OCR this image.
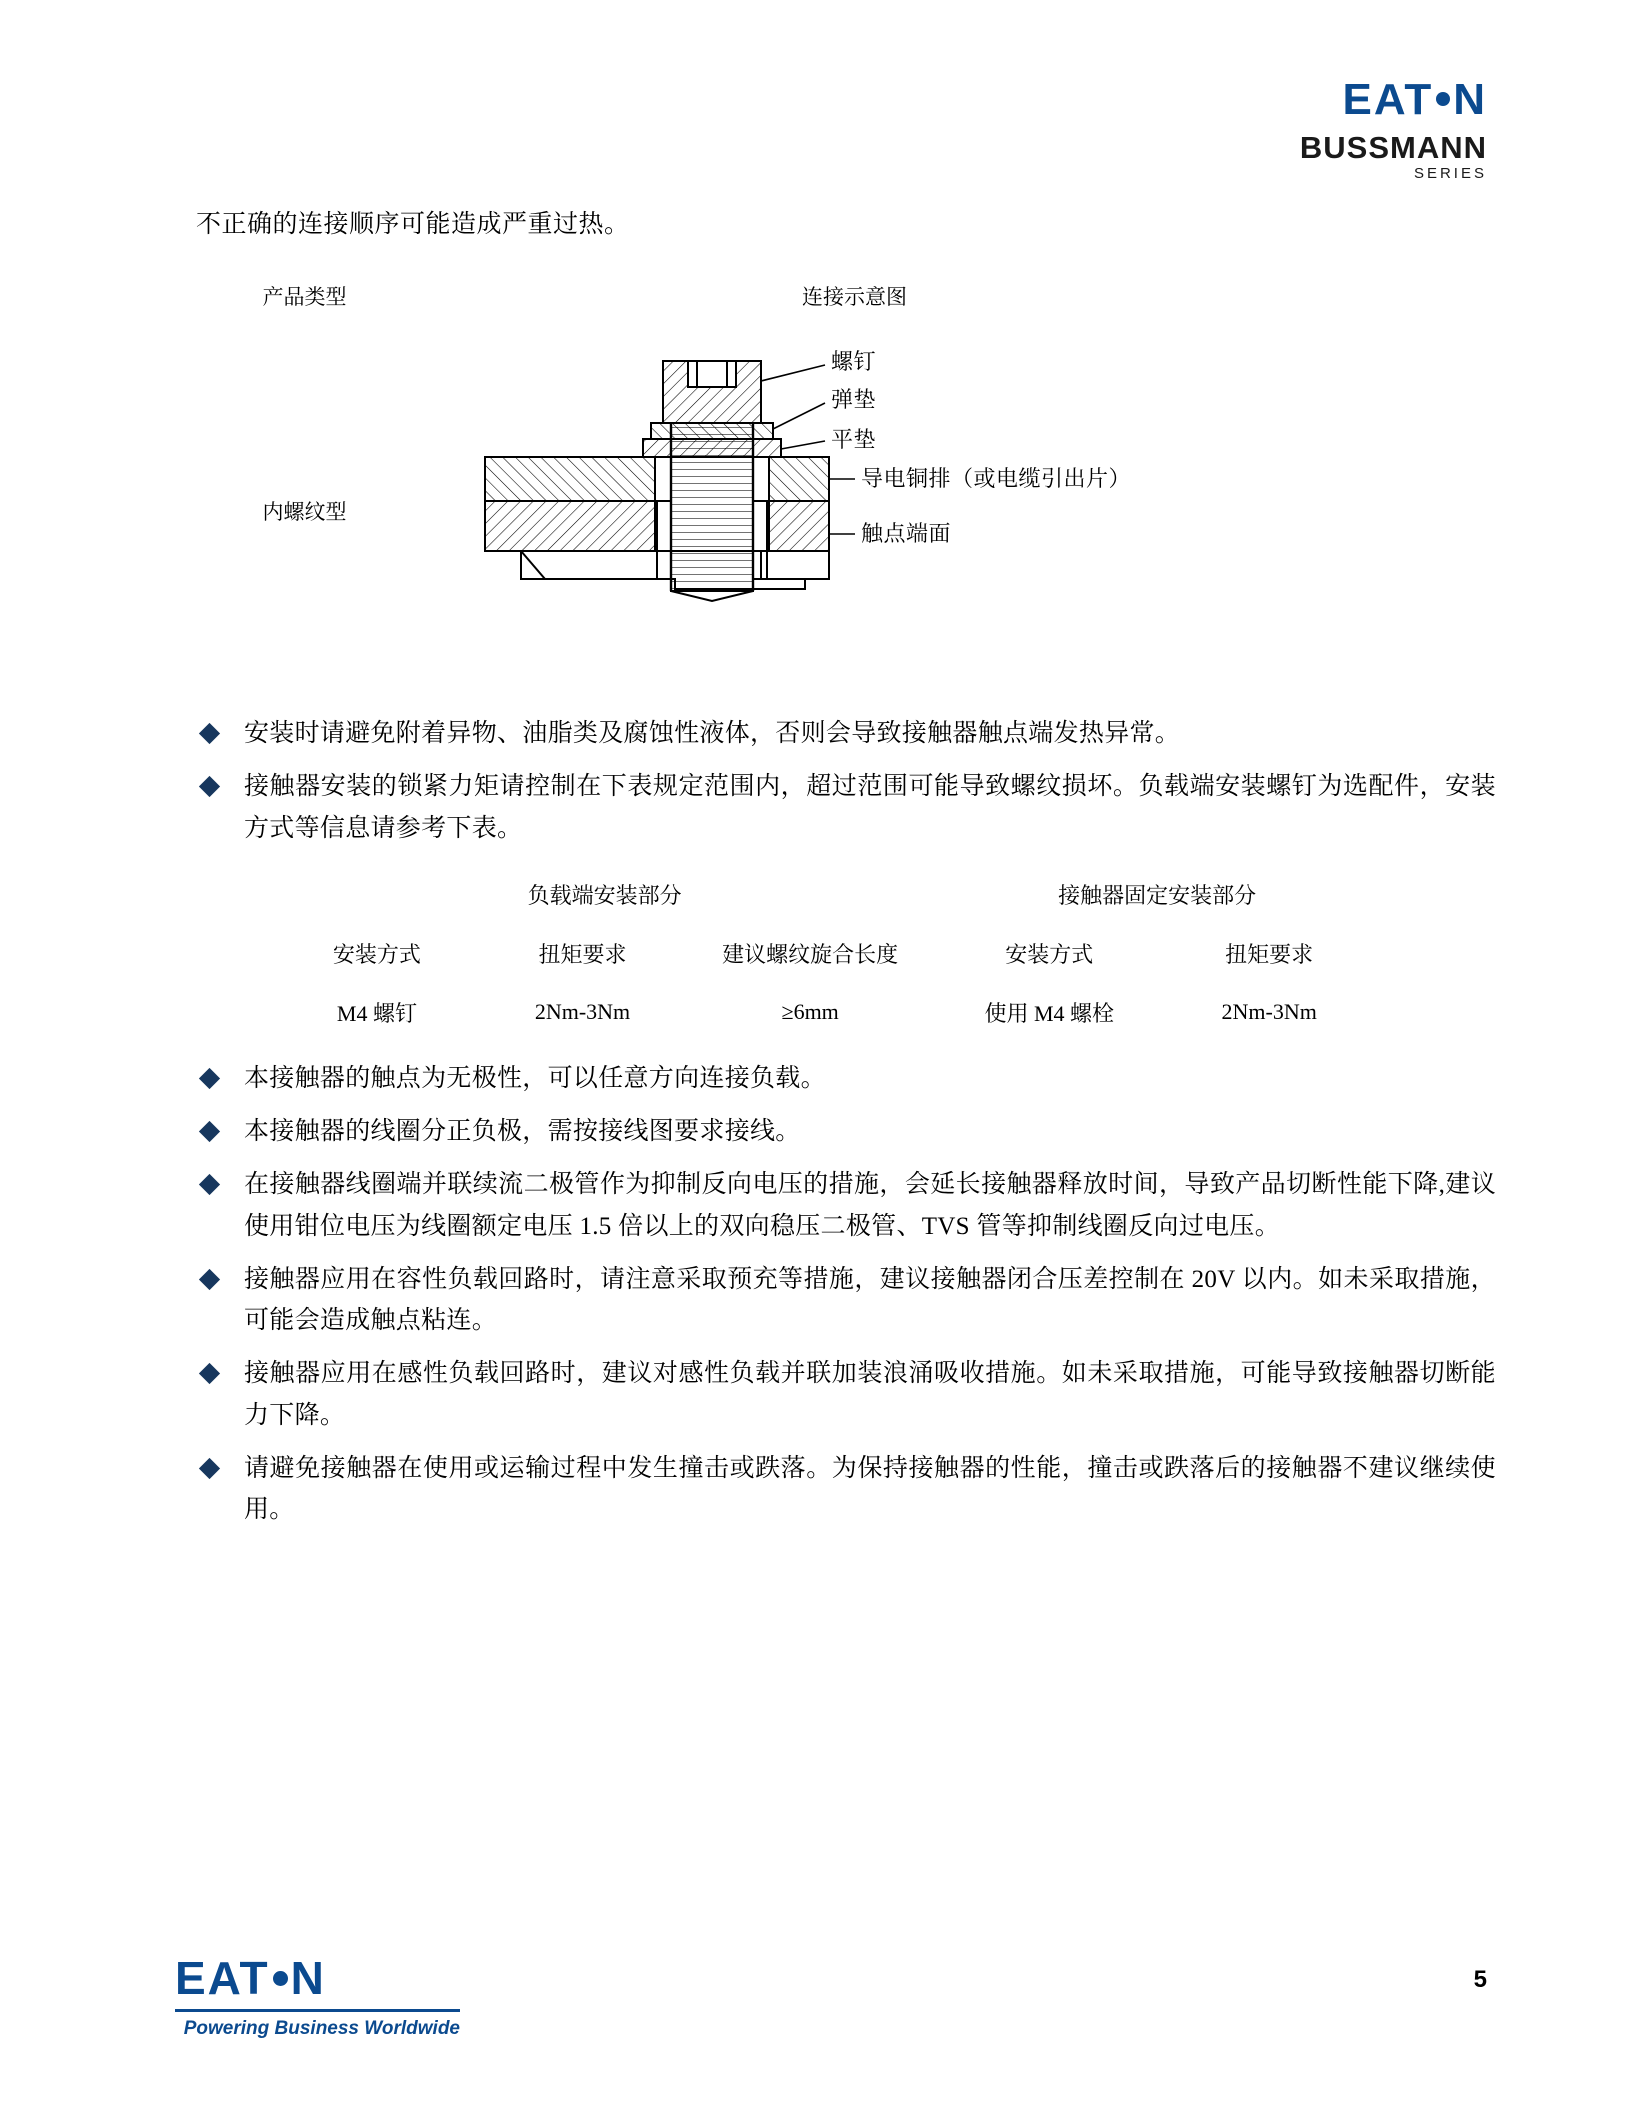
EAT N
BUSSMANN
SERIES
不正确的连接顺序可能造成严重过热。
产品类型	连接示意图
内螺纹型	螺钉
弹垫
平垫
导电铜排（或电缆引出片）
触点端面
安装时请避免附着异物、油脂类及腐蚀性液体，否则会导致接触器触点端发热异常。
接触器安装的锁紧力矩请控制在下表规定范围内，超过范围可能导致螺纹损坏。负载端安装螺钉为选配件，安装方式等信息请参考下表。
负载端安装部分			接触器固定安装部分	
安装方式	扭矩要求	建议螺纹旋合长度	安装方式	扭矩要求
M4 螺钉	2Nm-3Nm	≥6mm	使用 M4 螺栓	2Nm-3Nm
本接触器的触点为无极性，可以任意方向连接负载。
本接触器的线圈分正负极，需按接线图要求接线。
在接触器线圈端并联续流二极管作为抑制反向电压的措施，会延长接触器释放时间，导致产品切断性能下降,建议使用钳位电压为线圈额定电压 1.5 倍以上的双向稳压二极管、TVS 管等抑制线圈反向过电压。
接触器应用在容性负载回路时，请注意采取预充等措施，建议接触器闭合压差控制在 20V 以内。如未采取措施，可能会造成触点粘连。
接触器应用在感性负载回路时，建议对感性负载并联加装浪涌吸收措施。如未采取措施，可能导致接触器切断能力下降。
请避免接触器在使用或运输过程中发生撞击或跌落。为保持接触器的性能，撞击或跌落后的接触器不建议继续使用。
5
EAT N
Powering Business Worldwide
